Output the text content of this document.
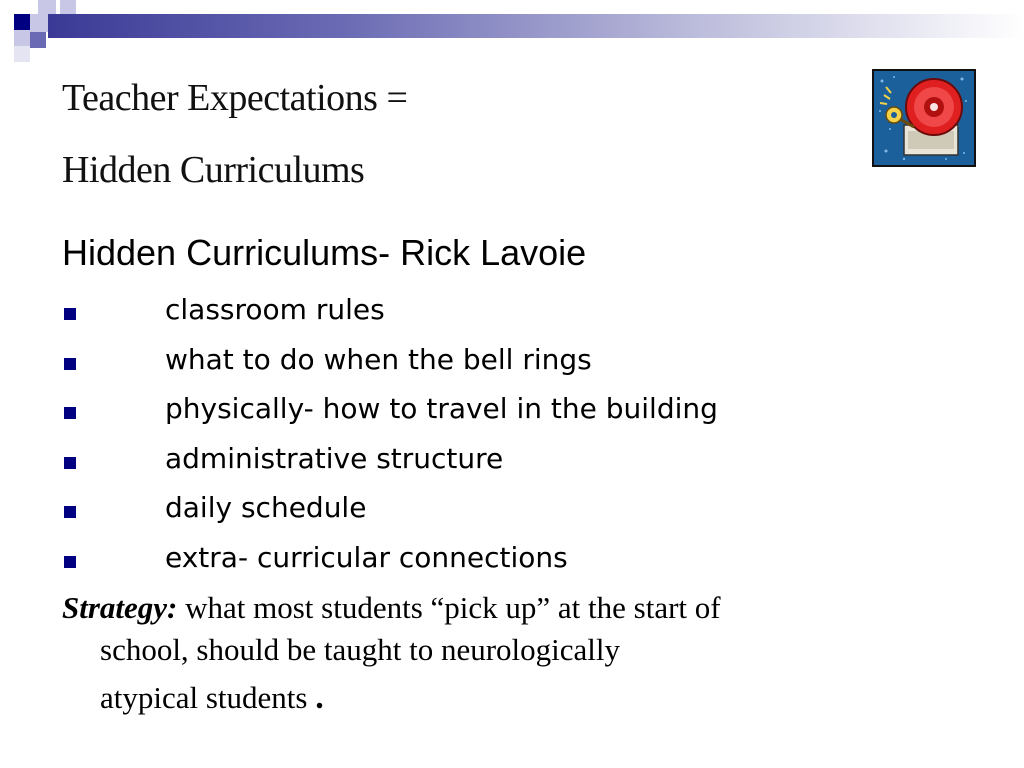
Teacher Expectations =
Hidden Curriculums
Hidden Curriculums- Rick Lavoie
classroom rules
what to do when the bell rings
physically- how to travel in the building
administrative structure
daily schedule
extra- curricular connections

Strategy: what most students “pick up” at the start of
school, should be taught to neurologically
atypical students .
